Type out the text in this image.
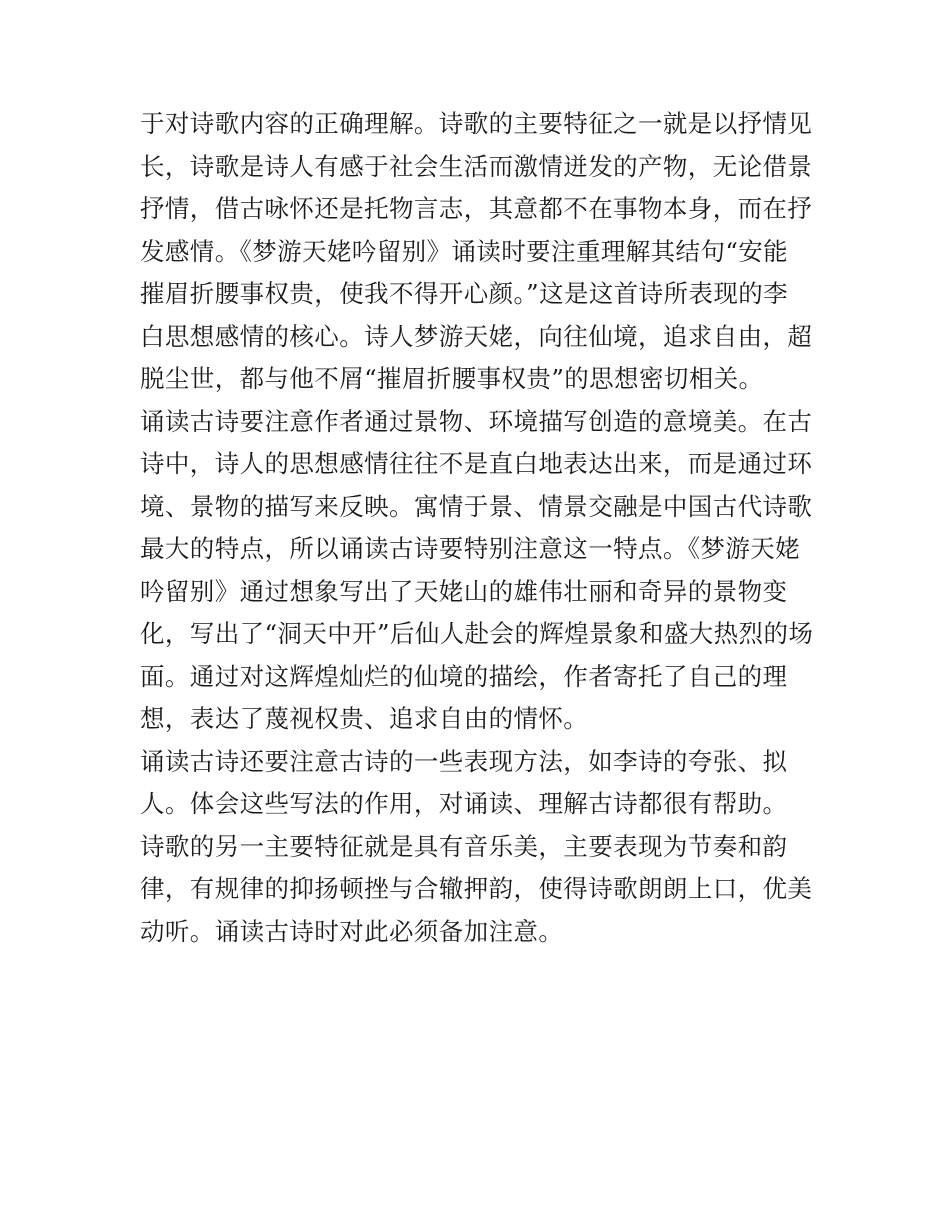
于对诗歌内容的正确理解。诗歌的主要特征之一就是以抒情见
长，诗歌是诗人有感于社会生活而激情迸发的产物，无论借景
抒情，借古咏怀还是托物言志，其意都不在事物本身，而在抒
发感情。《梦游天姥吟留别》诵读时要注重理解其结句“安能
摧眉折腰事权贵，使我不得开心颜。”这是这首诗所表现的李
白思想感情的核心。诗人梦游天姥，向往仙境，追求自由，超
脱尘世，都与他不屑“摧眉折腰事权贵”的思想密切相关。
诵读古诗要注意作者通过景物、环境描写创造的意境美。在古
诗中，诗人的思想感情往往不是直白地表达出来，而是通过环
境、景物的描写来反映。寓情于景、情景交融是中国古代诗歌
最大的特点，所以诵读古诗要特别注意这一特点。《梦游天姥
吟留别》通过想象写出了天姥山的雄伟壮丽和奇异的景物变
化，写出了“洞天中开”后仙人赴会的辉煌景象和盛大热烈的场
面。通过对这辉煌灿烂的仙境的描绘，作者寄托了自己的理
想，表达了蔑视权贵、追求自由的情怀。
诵读古诗还要注意古诗的一些表现方法，如李诗的夸张、拟
人。体会这些写法的作用，对诵读、理解古诗都很有帮助。
诗歌的另一主要特征就是具有音乐美，主要表现为节奏和韵
律，有规律的抑扬顿挫与合辙押韵，使得诗歌朗朗上口，优美
动听。诵读古诗时对此必须备加注意。
